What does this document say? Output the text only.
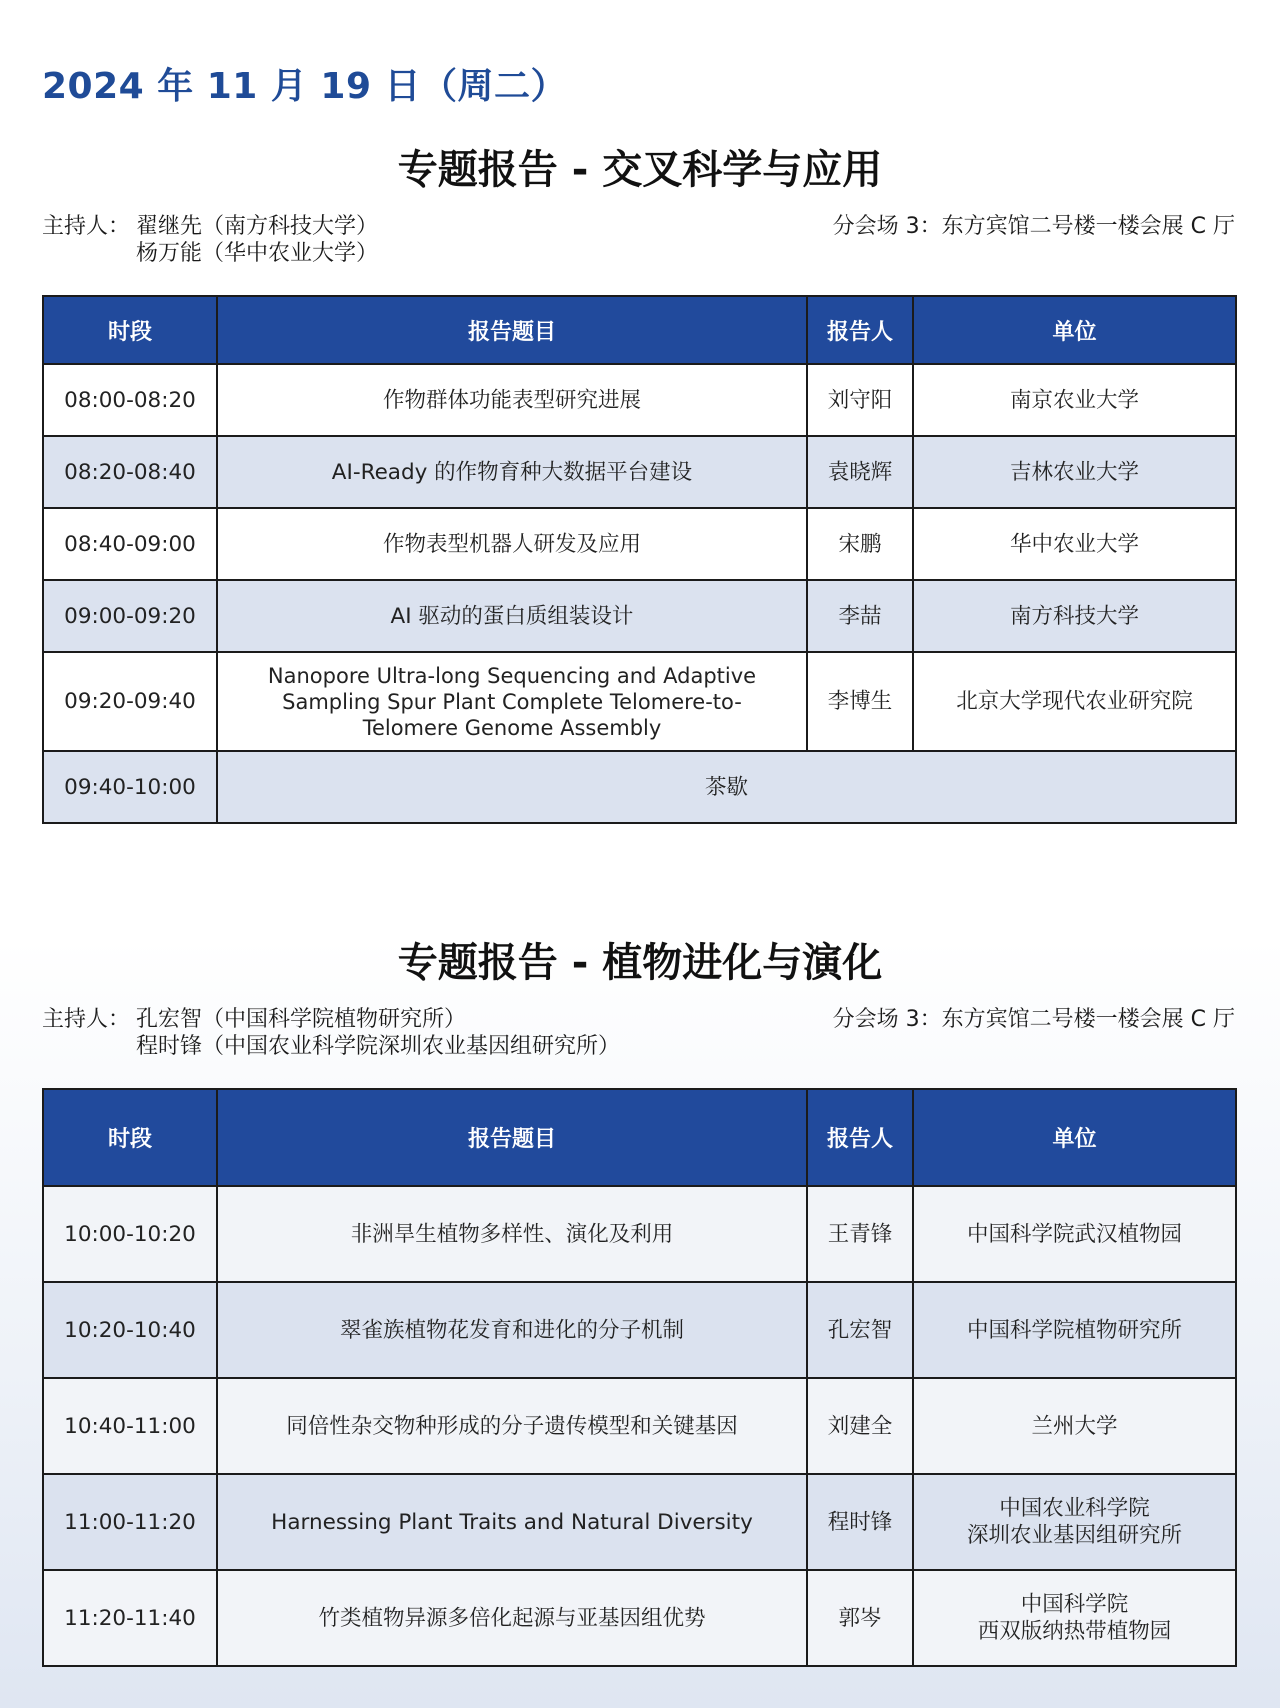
2024 年 11 月 19 日（周二）
专题报告 - 交叉科学与应用
主持人： 翟继先（南方科技大学）
杨万能（华中农业大学）
分会场 3：东方宾馆二号楼一楼会展 C 厅
时段	报告题目	报告人	单位
08:00-08:20	作物群体功能表型研究进展	刘守阳	南京农业大学
08:20-08:40	AI-Ready 的作物育种大数据平台建设	袁晓辉	吉林农业大学
08:40-09:00	作物表型机器人研发及应用	宋鹏	华中农业大学
09:00-09:20	AI 驱动的蛋白质组装设计	李喆	南方科技大学
09:20-09:40	Nanopore Ultra-long Sequencing and Adaptive
Sampling Spur Plant Complete Telomere-to-
Telomere Genome Assembly	李博生	北京大学现代农业研究院
09:40-10:00	茶歇		
专题报告 - 植物进化与演化
主持人： 孔宏智（中国科学院植物研究所）
程时锋（中国农业科学院深圳农业基因组研究所）
分会场 3：东方宾馆二号楼一楼会展 C 厅
时段	报告题目	报告人	单位
10:00-10:20	非洲旱生植物多样性、演化及利用	王青锋	中国科学院武汉植物园
10:20-10:40	翠雀族植物花发育和进化的分子机制	孔宏智	中国科学院植物研究所
10:40-11:00	同倍性杂交物种形成的分子遗传模型和关键基因	刘建全	兰州大学
11:00-11:20	Harnessing Plant Traits and Natural Diversity	程时锋	中国农业科学院
深圳农业基因组研究所
11:20-11:40	竹类植物异源多倍化起源与亚基因组优势	郭岑	中国科学院
西双版纳热带植物园
